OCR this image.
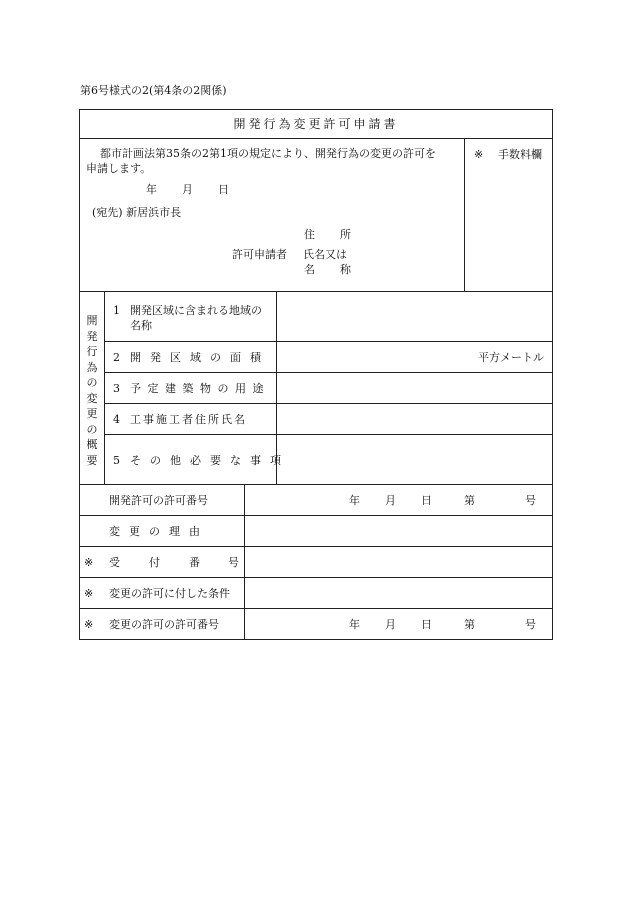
第6号様式の2(第4条の2関係)
開発行為変更許可申請書
都市計画法第35条の2第1項の規定により、開発行為の変更の許可を
申請します。
年 月 日
(宛先) 新居浜市長
住 所
許可申請者 氏名又は
名 称
※ 手数料欄
開
発
行
為
の
変
更
の
概
要
1 開発区域に含まれる地域の
名称
2 開発区域の面積	平方メートル
3 予定建築物の用途
4 工事施工者住所氏名
5 その他必要な事項
開発許可の許可番号	年 月 日	第	号
変更の理由
※ 受	付	番	号
※ 変更の許可に付した条件
※ 変更の許可の許可番号	年 月 日	第	号
